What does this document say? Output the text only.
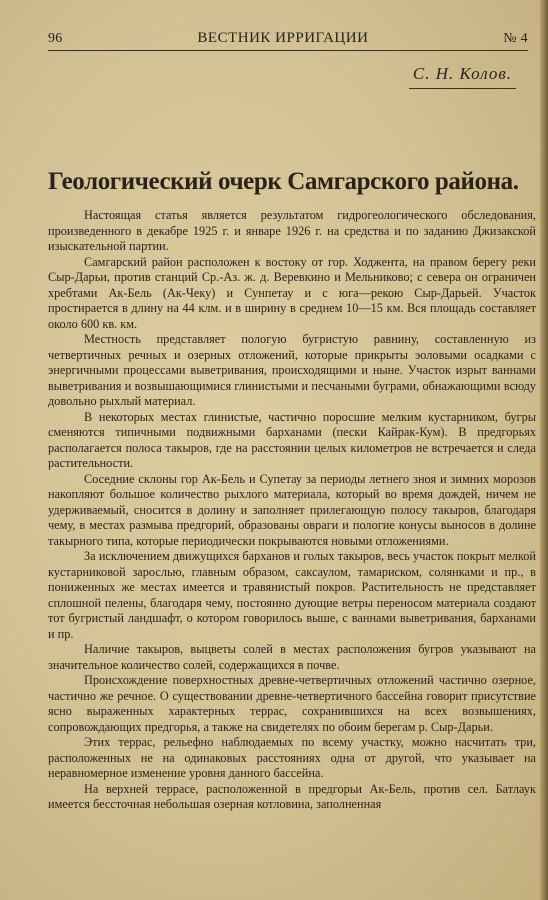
96	ВЕСТНИК ИРРИГАЦИИ	№ 4
С. Н. Колов.
Геологический очерк Самгарского района.

Настоящая статья является результатом гидрогеологического обследования, произведенного в декабре 1925 г. и январе 1926 г. на средства и по заданию Джизакской изыскательной партии.

Самгарский район расположен к востоку от гор. Ходжента, на правом берегу реки Сыр-Дарьи, против станций Ср.-Аз. ж. д. Веревкино и Мельниково; с севера он ограничен хребтами Ак-Бель (Ак-Чеку) и Сунпетау и с юга—рекою Сыр-Дарьей. Участок простирается в длину на 44 клм. и в ширину в среднем 10—15 км. Вся площадь составляет около 600 кв. км.

Местность представляет пологую бугристую равнину, составленную из четвертичных речных и озерных отложений, которые прикрыты эоловыми осадками с энергичными процессами выветривания, происходящими и ныне. Участок изрыт ваннами выветривания и возвышающимися глинистыми и песчаными буграми, обнажающими всюду довольно рыхлый материал.

В некоторых местах глинистые, частично поросшие мелким кустарником, бугры сменяются типичными подвижными барханами (пески Кайрак-Кум). В предгорьях располагается полоса такыров, где на расстоянии целых километров не встречается и следа растительности.

Соседние склоны гор Ак-Бель и Супетау за периоды летнего зноя и зимних морозов накопляют большое количество рыхлого материала, который во время дождей, ничем не удерживаемый, сносится в долину и заполняет прилегающую полосу такыров, благодаря чему, в местах размыва предгорий, образованы овраги и пологие конусы выносов в долине такырного типа, которые периодически покрываются новыми отложениями.

За исключением движущихся барханов и голых такыров, весь участок покрыт мелкой кустарниковой зарослью, главным образом, саксаулом, тамариском, солянками и пр., в пониженных же местах имеется и травянистый покров. Растительность не представляет сплошной пелены, благодаря чему, постоянно дующие ветры переносом материала создают тот бугристый ландшафт, о котором говорилось выше, с ваннами выветривания, барханами и пр.

Наличие такыров, выцветы солей в местах расположения бугров указывают на значительное количество солей, содержащихся в почве.

Происхождение поверхностных древне-четвертичных отложений частично озерное, частично же речное. О существовании древне-четвертичного бассейна говорит присутствие ясно выраженных характерных террас, сохранившихся на всех возвышениях, сопровождающих предгорья, а также на свидетелях по обоим берегам р. Сыр-Дарьи.

Этих террас, рельефно наблюдаемых по всему участку, можно насчитать три, расположенных не на одинаковых расстояниях одна от другой, что указывает на неравномерное изменение уровня данного бассейна.

На верхней террасе, расположенной в предгорьи Ак-Бель, против сел. Батлаук имеется бессточная небольшая озерная котловина, заполненная
